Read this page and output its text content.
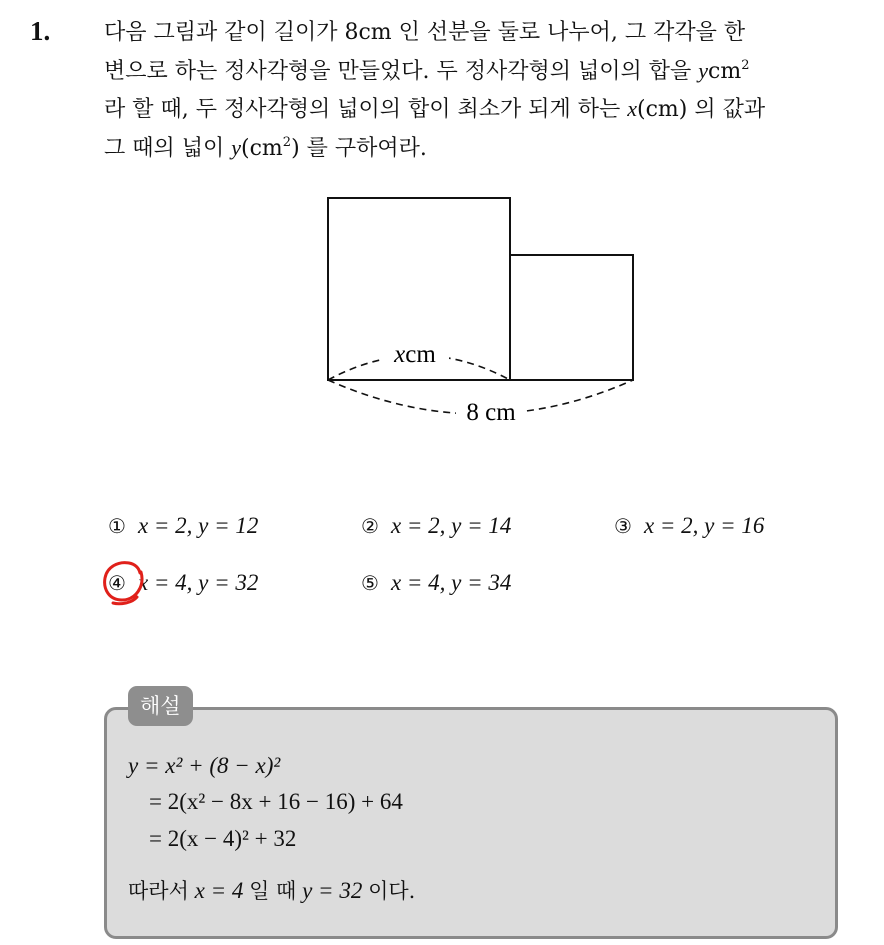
1. 다음 그림과 같이 길이가 8cm 인 선분을 둘로 나누어, 그 각각을 한
변으로 하는 정사각형을 만들었다. 두 정사각형의 넓이의 합을 ycm$^2$
라 할 때, 두 정사각형의 넓이의 합이 최소가 되게 하는 x(cm) 의 값과
그 때의 넓이 $y(cm^2)$ 를 구하여라.
xcm
8 cm
① x = 2, y = 12	② x = 2, y = 14	③ x = 2, y = 16
④ x = 4, y = 32	⑤ x = 4, y = 34
해설
y = x² + (8 − x)²
= 2(x² − 8x + 16 − 16) + 64
= 2(x − 4)² + 32
따라서 x = 4 일 때 y = 32 이다.
